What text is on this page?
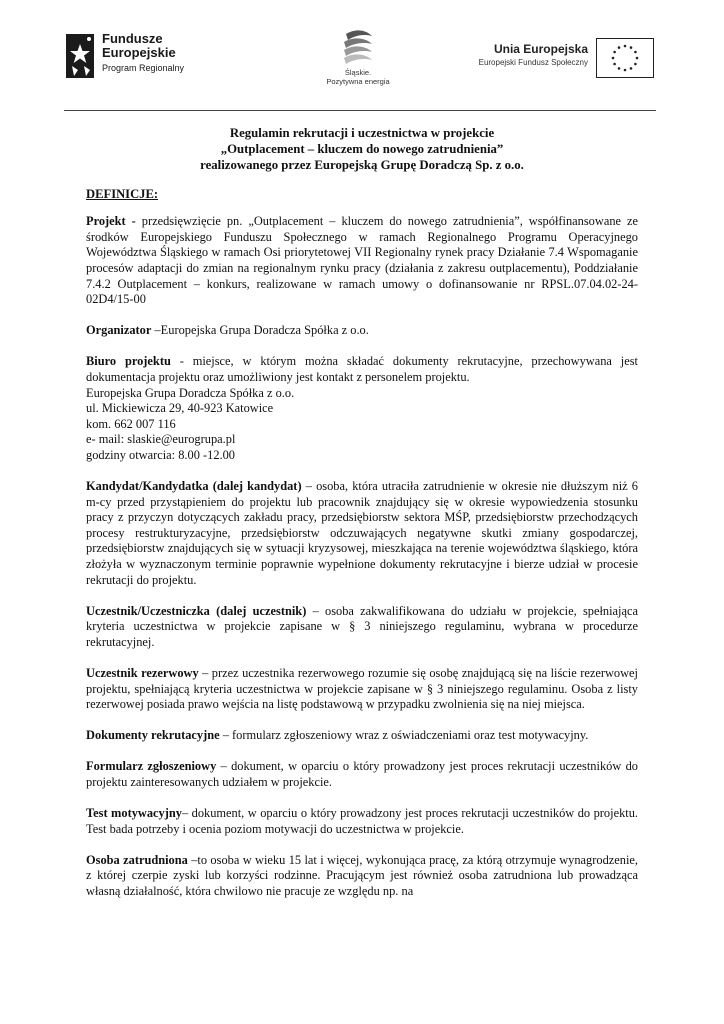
Fundusze
Europejskie
Program Regionalny	Śląskie.
Pozytywna energia
Unia Europejska
Europejski Fundusz Społeczny
Regulamin rekrutacji i uczestnictwa w projekcie
„Outplacement – kluczem do nowego zatrudnienia”
realizowanego przez Europejską Grupę Doradczą Sp. z o.o.
DEFINICJE:

Projekt - przedsięwzięcie pn. „Outplacement – kluczem do nowego zatrudnienia”, współfinansowane ze środków Europejskiego Funduszu Społecznego w ramach Regionalnego Programu Operacyjnego Województwa Śląskiego w ramach Osi priorytetowej VII Regionalny rynek pracy Działanie 7.4 Wspomaganie procesów adaptacji do zmian na regionalnym rynku pracy (działania z zakresu outplacementu), Poddziałanie 7.4.2 Outplacement – konkurs, realizowane w ramach umowy o dofinansowanie nr RPSL.07.04.02-24-02D4/15-00

Organizator –Europejska Grupa Doradcza Spółka z o.o.

Biuro projektu - miejsce, w którym można składać dokumenty rekrutacyjne, przechowywana jest dokumentacja projektu oraz umożliwiony jest kontakt z personelem projektu.
Europejska Grupa Doradcza Spółka z o.o.
ul. Mickiewicza 29, 40-923 Katowice
kom. 662 007 116
e- mail: slaskie@eurogrupa.pl
godziny otwarcia: 8.00 -12.00

Kandydat/Kandydatka (dalej kandydat) – osoba, która utraciła zatrudnienie w okresie nie dłuższym niż 6 m-cy przed przystąpieniem do projektu lub pracownik znajdujący się w okresie wypowiedzenia stosunku pracy z przyczyn dotyczących zakładu pracy, przedsiębiorstw sektora MŚP, przedsiębiorstw przechodzących procesy restrukturyzacyjne, przedsiębiorstw odczuwających negatywne skutki zmiany gospodarczej, przedsiębiorstw znajdujących się w sytuacji kryzysowej, mieszkająca na terenie województwa śląskiego, która złożyła w wyznaczonym terminie poprawnie wypełnione dokumenty rekrutacyjne i bierze udział w procesie rekrutacji do projektu.

Uczestnik/Uczestniczka (dalej uczestnik) – osoba zakwalifikowana do udziału w projekcie, spełniająca kryteria uczestnictwa w projekcie zapisane w § 3 niniejszego regulaminu, wybrana w procedurze rekrutacyjnej.

Uczestnik rezerwowy – przez uczestnika rezerwowego rozumie się osobę znajdującą się na liście rezerwowej projektu, spełniającą kryteria uczestnictwa w projekcie zapisane w § 3 niniejszego regulaminu. Osoba z listy rezerwowej posiada prawo wejścia na listę podstawową w przypadku zwolnienia się na niej miejsca.

Dokumenty rekrutacyjne – formularz zgłoszeniowy wraz z oświadczeniami oraz test motywacyjny.

Formularz zgłoszeniowy – dokument, w oparciu o który prowadzony jest proces rekrutacji uczestników do projektu zainteresowanych udziałem w projekcie.

Test motywacyjny– dokument, w oparciu o który prowadzony jest proces rekrutacji uczestników do projektu. Test bada potrzeby i ocenia poziom motywacji do uczestnictwa w projekcie.

Osoba zatrudniona –to osoba w wieku 15 lat i więcej, wykonująca pracę, za którą otrzymuje wynagrodzenie, z której czerpie zyski lub korzyści rodzinne. Pracującym jest również osoba zatrudniona lub prowadząca własną działalność, która chwilowo nie pracuje ze względu np. na
